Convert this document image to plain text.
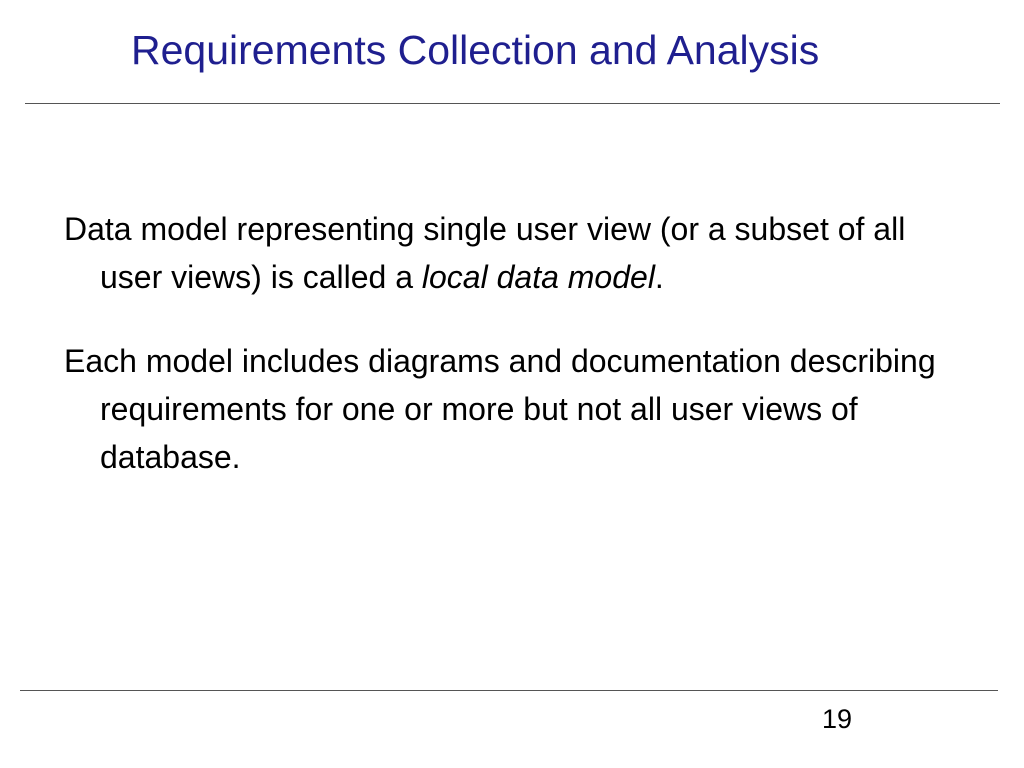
Requirements Collection and Analysis

Data model representing single user view (or a subset of all user views) is called a local data model.

Each model includes diagrams and documentation describing requirements for one or more but not all user views of database.

19
